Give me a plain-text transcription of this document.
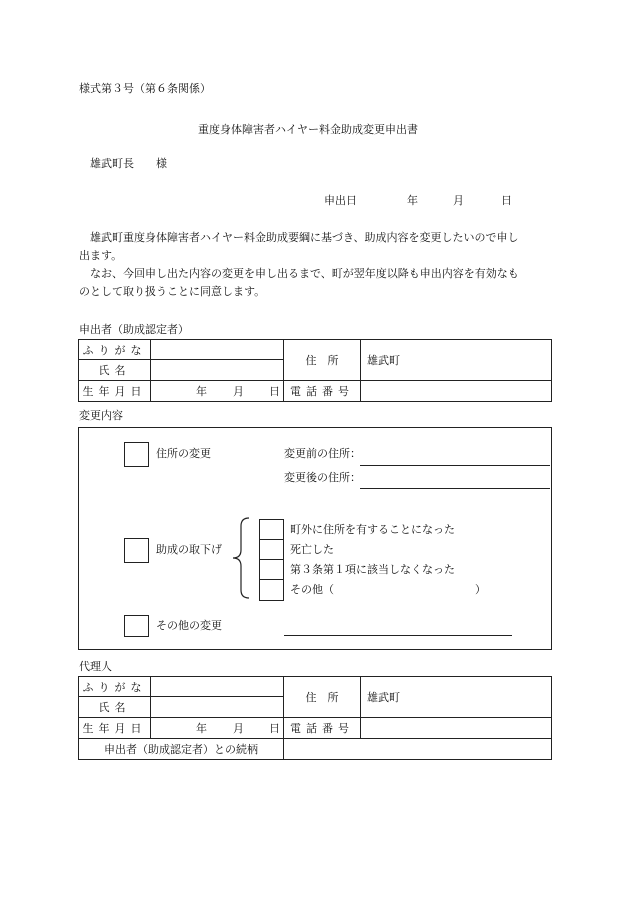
様式第３号（第６条関係）
重度身体障害者ハイヤー料金助成変更申出書
雄武町長　　様
申出日	年	月	日
雄武町重度身体障害者ハイヤー料金助成要綱に基づき、助成内容を変更したいので申し
出ます。
なお、今回申し出た内容の変更を申し出るまで、町が翌年度以降も申出内容を有効なも
のとして取り扱うことに同意します。
申出者（助成認定者）
ふりがな		住　所	雄武町
氏名			
生年月日	年 月 日	電話番号	
変更内容
住所の変更	変更前の住所：
変更後の住所：
助成の取下げ
町外に住所を有することになった
死亡した
第３条第１項に該当しなくなった
その他（	）
その他の変更
代理人
ふりがな		住　所	雄武町
氏名			
生年月日	年 月 日	電話番号	
申出者（助成認定者）との続柄			
